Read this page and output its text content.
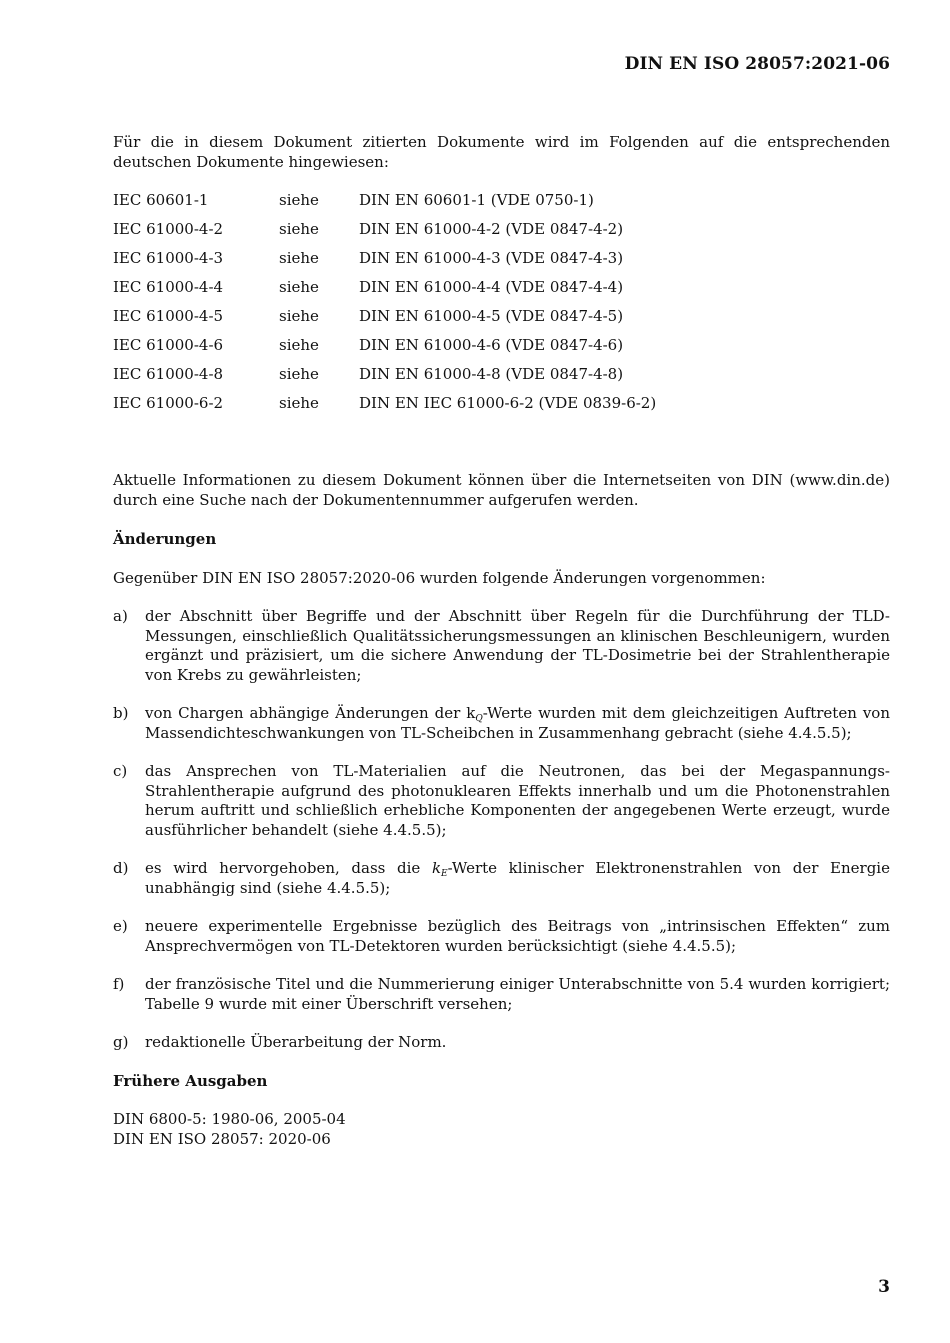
DIN EN ISO 28057:2021-06

Für die in diesem Dokument zitierten Dokumente wird im Folgenden auf die entsprechenden deutschen Dokumente hingewiesen:

IEC 60601-1	siehe	DIN EN 60601-1 (VDE 0750-1)
IEC 61000-4-2	siehe	DIN EN 61000-4-2 (VDE 0847-4-2)
IEC 61000-4-3	siehe	DIN EN 61000-4-3 (VDE 0847-4-3)
IEC 61000-4-4	siehe	DIN EN 61000-4-4 (VDE 0847-4-4)
IEC 61000-4-5	siehe	DIN EN 61000-4-5 (VDE 0847-4-5)
IEC 61000-4-6	siehe	DIN EN 61000-4-6 (VDE 0847-4-6)
IEC 61000-4-8	siehe	DIN EN 61000-4-8 (VDE 0847-4-8)
IEC 61000-6-2	siehe	DIN EN IEC 61000-6-2 (VDE 0839-6-2)

Aktuelle Informationen zu diesem Dokument können über die Internetseiten von DIN (www.din.de) durch eine Suche nach der Dokumentennummer aufgerufen werden.

Änderungen

Gegenüber DIN EN ISO 28057:2020-06 wurden folgende Änderungen vorgenommen:

a)	der Abschnitt über Begriffe und der Abschnitt über Regeln für die Durchführung der TLD-Messungen, einschließlich Qualitätssicherungsmessungen an klinischen Beschleunigern, wurden ergänzt und präzisiert, um die sichere Anwendung der TL-Dosimetrie bei der Strahlentherapie von Krebs zu gewährleisten;
b)	von Chargen abhängige Änderungen der $k_Q$-Werte wurden mit dem gleichzeitigen Auftreten von Massendichteschwankungen von TL-Scheibchen in Zusammenhang gebracht (siehe 4.4.5.5);
c)	das Ansprechen von TL-Materialien auf die Neutronen, das bei der Megaspannungs-Strahlentherapie aufgrund des photonuklearen Effekts innerhalb und um die Photonenstrahlen herum auftritt und schließlich erhebliche Komponenten der angegebenen Werte erzeugt, wurde ausführlicher behandelt (siehe 4.4.5.5);
d)	es wird hervorgehoben, dass die $k_E$-Werte klinischer Elektronenstrahlen von der Energie unabhängig sind (siehe 4.4.5.5);
e)	neuere experimentelle Ergebnisse bezüglich des Beitrags von „intrinsischen Effekten“ zum Ansprechvermögen von TL-Detektoren wurden berücksichtigt (siehe 4.4.5.5);
f)	der französische Titel und die Nummerierung einiger Unterabschnitte von 5.4 wurden korrigiert; Tabelle 9 wurde mit einer Überschrift versehen;
g)	redaktionelle Überarbeitung der Norm.
Frühere Ausgaben

DIN 6800-5: 1980-06, 2005-04
DIN EN ISO 28057: 2020-06

3
